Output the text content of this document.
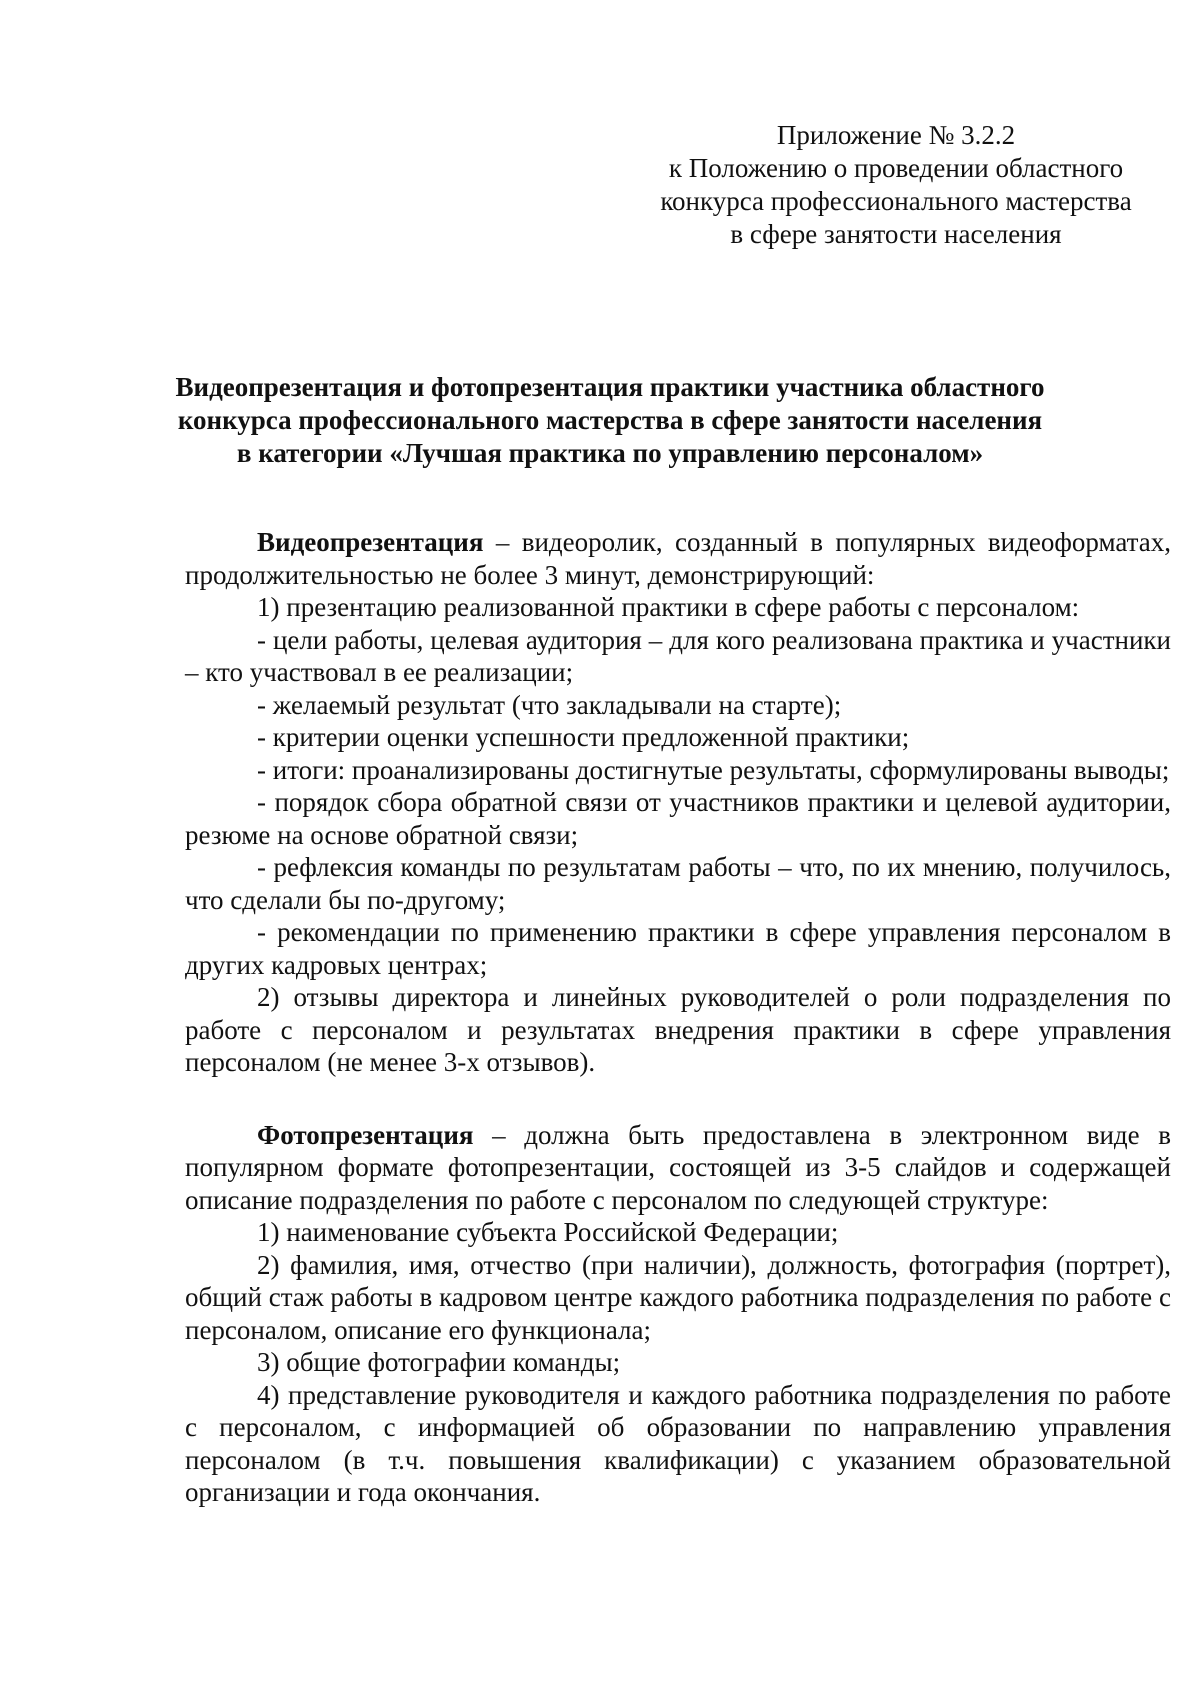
Приложение № 3.2.2
к Положению о проведении областного
конкурса профессионального мастерства
в сфере занятости населения
Видеопрезентация и фотопрезентация практики участника областного
конкурса профессионального мастерства в сфере занятости населения
в категории «Лучшая практика по управлению персоналом»

Видеопрезентация – видеоролик, созданный в популярных видеоформатах, продолжительностью не более 3 минут, демонстрирующий:

1) презентацию реализованной практики в сфере работы с персоналом:

- цели работы, целевая аудитория – для кого реализована практика и участники – кто участвовал в ее реализации;

- желаемый результат (что закладывали на старте);

- критерии оценки успешности предложенной практики;

- итоги: проанализированы достигнутые результаты, сформулированы выводы;

- порядок сбора обратной связи от участников практики и целевой аудитории, резюме на основе обратной связи;

- рефлексия команды по результатам работы – что, по их мнению, получилось, что сделали бы по-другому;

- рекомендации по применению практики в сфере управления персоналом в других кадровых центрах;

2) отзывы директора и линейных руководителей о роли подразделения по работе с персоналом и результатах внедрения практики в сфере управления персоналом (не менее 3-х отзывов).

Фотопрезентация – должна быть предоставлена в электронном виде в популярном формате фотопрезентации, состоящей из 3-5 слайдов и содержащей описание подразделения по работе с персоналом по следующей структуре:

1) наименование субъекта Российской Федерации;

2) фамилия, имя, отчество (при наличии), должность, фотография (портрет), общий стаж работы в кадровом центре каждого работника подразделения по работе с персоналом, описание его функционала;

3) общие фотографии команды;

4) представление руководителя и каждого работника подразделения по работе с персоналом, с информацией об образовании по направлению управления персоналом (в т.ч. повышения квалификации) с указанием образовательной организации и года окончания.
